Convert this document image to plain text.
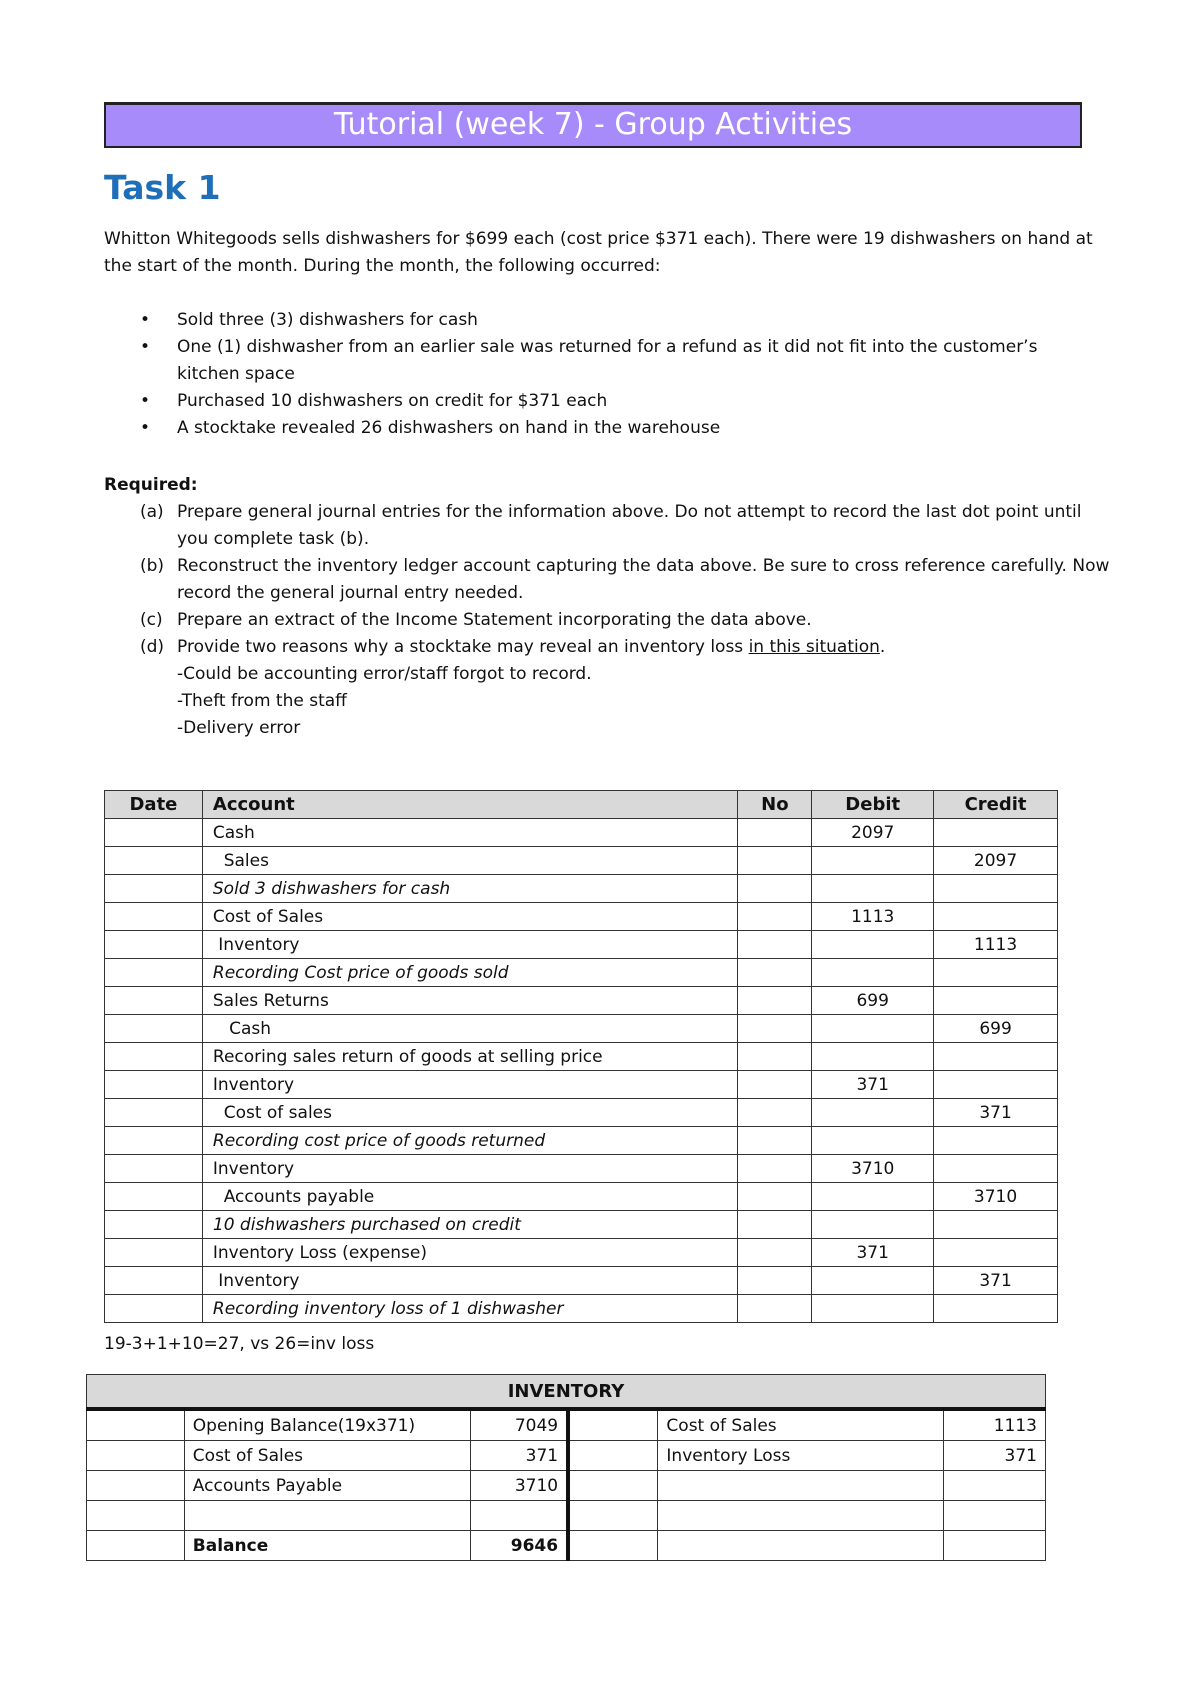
Tutorial (week 7) - Group Activities
Task 1
Whitton Whitegoods sells dishwashers for $699 each (cost price $371 each). There were 19 dishwashers on hand at the start of the month. During the month, the following occurred:
• Sold three (3) dishwashers for cash
• One (1) dishwasher from an earlier sale was returned for a refund as it did not fit into the customer’s kitchen space
• Purchased 10 dishwashers on credit for $371 each
• A stocktake revealed 26 dishwashers on hand in the warehouse
Required:
(a) Prepare general journal entries for the information above. Do not attempt to record the last dot point until you complete task (b).
(b) Reconstruct the inventory ledger account capturing the data above. Be sure to cross reference carefully. Now record the general journal entry needed.
(c) Prepare an extract of the Income Statement incorporating the data above.
(d) Provide two reasons why a stocktake may reveal an inventory loss in this situation.
-Could be accounting error/staff forgot to record.
-Theft from the staff
-Delivery error
Date	Account	No	Debit	Credit
	Cash		2097	
	Sales			2097
	Sold 3 dishwashers for cash			
	Cost of Sales		1113	
	Inventory			1113
	Recording Cost price of goods sold			
	Sales Returns		699	
	Cash			699
	Recoring sales return of goods at selling price			
	Inventory		371	
	Cost of sales			371
	Recording cost price of goods returned			
	Inventory		3710	
	Accounts payable			3710
	10 dishwashers purchased on credit			
	Inventory Loss (expense)		371	
	Inventory			371
	Recording inventory loss of 1 dishwasher			
19-3+1+10=27, vs 26=inv loss
INVENTORY					
	Opening Balance(19x371)	7049		Cost of Sales	1113
	Cost of Sales	371		Inventory Loss	371
	Accounts Payable	3710			

	Balance	9646			
